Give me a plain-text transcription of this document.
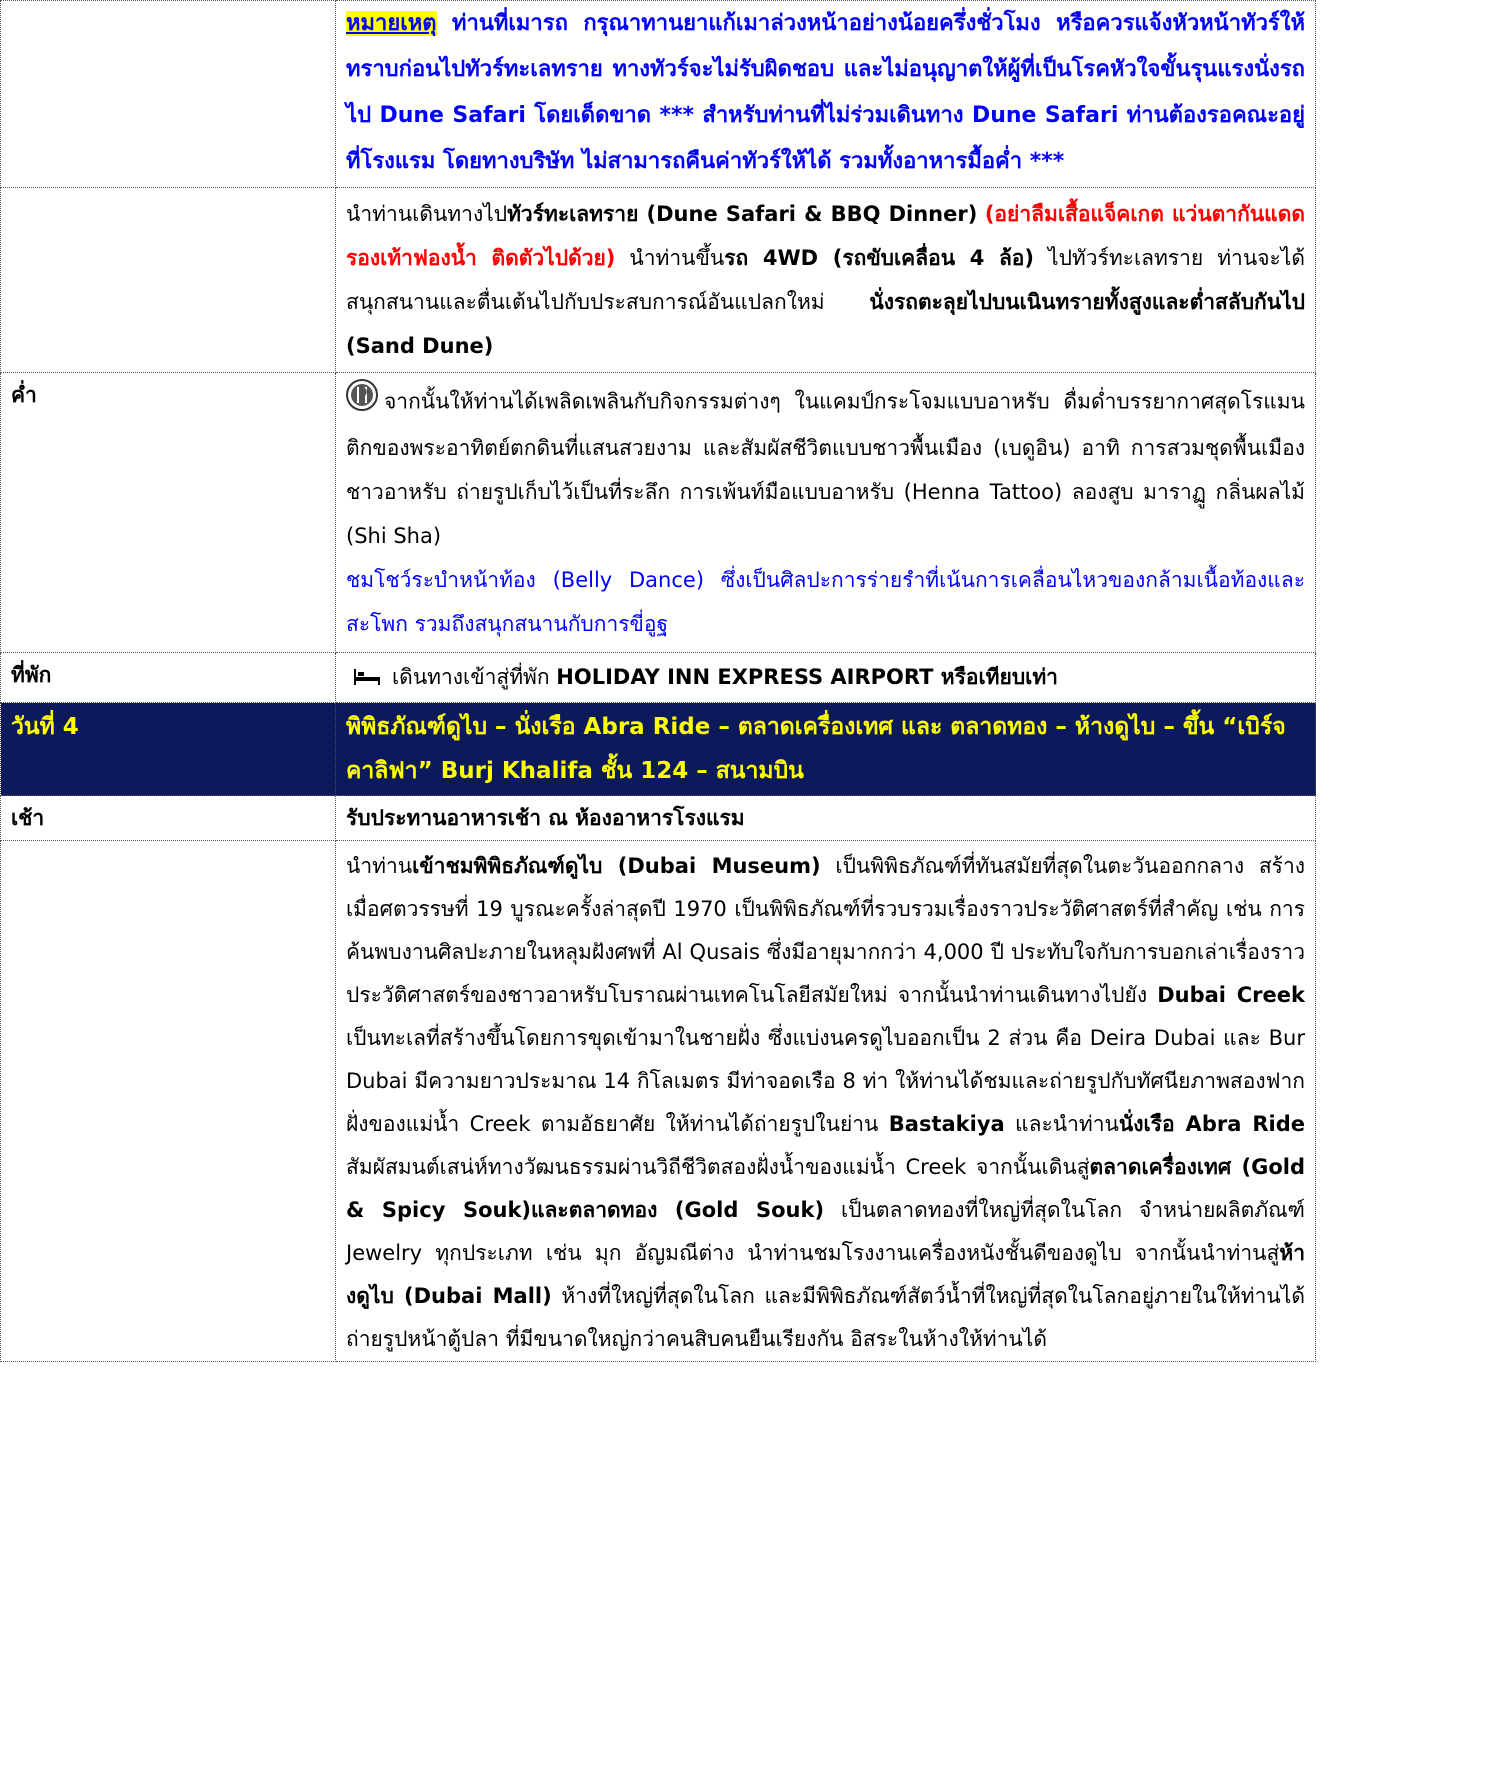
	หมายเหตุ ท่านที่เมารถ กรุณาทานยาแก้เมาล่วงหน้าอย่างน้อยครึ่งชั่วโมง หรือควรแจ้งหัวหน้าทัวร์ให้ทราบก่อนไปทัวร์ทะเลทราย ทางทัวร์จะไม่รับผิดชอบ และไม่อนุญาตให้ผู้ที่เป็นโรคหัวใจขั้นรุนแรงนั่งรถไป Dune Safari โดยเด็ดขาด *** สำหรับท่านที่ไม่ร่วมเดินทาง Dune Safari ท่านต้องรอคณะอยู่ที่โรงแรม โดยทางบริษัท ไม่สามารถคืนค่าทัวร์ให้ได้ รวมทั้งอาหารมื้อค่ำ ***
	นำท่านเดินทางไปทัวร์ทะเลทราย (Dune Safari & BBQ Dinner) (อย่าลืมเสื้อแจ็คเกต แว่นตากันแดด รองเท้าฟองน้ำ ติดตัวไปด้วย) นำท่านขึ้นรถ 4WD (รถขับเคลื่อน 4 ล้อ) ไปทัวร์ทะเลทราย ท่านจะได้สนุกสนานและตื่นเต้นไปกับประสบการณ์อันแปลกใหม่ นั่งรถตะลุยไปบนเนินทรายทั้งสูงและต่ำสลับกันไป (Sand Dune)
ค่ำ	จากนั้นให้ท่านได้เพลิดเพลินกับกิจกรรมต่างๆ ในแคมป์กระโจมแบบอาหรับ ดื่มด่ำบรรยากาศสุดโรแมนติกของพระอาทิตย์ตกดินที่แสนสวยงาม และสัมผัสชีวิตแบบชาวพื้นเมือง (เบดูอิน) อาทิ การสวมชุดพื้นเมืองชาวอาหรับ ถ่ายรูปเก็บไว้เป็นที่ระลึก การเพ้นท์มือแบบอาหรับ (Henna Tattoo) ลองสูบ มาราฏู กลิ่นผลไม้ (Shi Sha)
ชมโชว์ระบำหน้าท้อง (Belly Dance) ซึ่งเป็นศิลปะการร่ายรำที่เน้นการเคลื่อนไหวของกล้ามเนื้อท้องและสะโพก รวมถึงสนุกสนานกับการขี่อูฐ
ที่พัก	เดินทางเข้าสู่ที่พัก HOLIDAY INN EXPRESS AIRPORT หรือเทียบเท่า
วันที่ 4	พิพิธภัณฑ์ดูไบ – นั่งเรือ Abra Ride – ตลาดเครื่องเทศ และ ตลาดทอง – ห้างดูไบ – ขึ้น “เบิร์จคาลิฟา” Burj Khalifa ชั้น 124 – สนามบิน
เช้า	รับประทานอาหารเช้า ณ ห้องอาหารโรงแรม
	นำท่านเข้าชมพิพิธภัณฑ์ดูไบ (Dubai Museum) เป็นพิพิธภัณฑ์ที่ทันสมัยที่สุดในตะวันออกกลาง สร้างเมื่อศตวรรษที่ 19 บูรณะครั้งล่าสุดปี 1970 เป็นพิพิธภัณฑ์ที่รวบรวมเรื่องราวประวัติศาสตร์ที่สำคัญ เช่น การค้นพบงานศิลปะภายในหลุมฝังศพที่ Al Qusais ซึ่งมีอายุมากกว่า 4,000 ปี ประทับใจกับการบอกเล่าเรื่องราวประวัติศาสตร์ของชาวอาหรับโบราณผ่านเทคโนโลยีสมัยใหม่ จากนั้นนำท่านเดินทางไปยัง Dubai Creek เป็นทะเลที่สร้างขึ้นโดยการขุดเข้ามาในชายฝั่ง ซึ่งแบ่งนครดูไบออกเป็น 2 ส่วน คือ Deira Dubai และ Bur Dubai มีความยาวประมาณ 14 กิโลเมตร มีท่าจอดเรือ 8 ท่า ให้ท่านได้ชมและถ่ายรูปกับทัศนียภาพสองฟากฝั่งของแม่น้ำ Creek ตามอัธยาศัย ให้ท่านได้ถ่ายรูปในย่าน Bastakiya และนำท่านนั่งเรือ Abra Ride สัมผัสมนต์เสน่ห์ทางวัฒนธรรมผ่านวิถีชีวิตสองฝั่งน้ำของแม่น้ำ Creek จากนั้นเดินสู่ตลาดเครื่องเทศ (Gold & Spicy Souk)และตลาดทอง (Gold Souk) เป็นตลาดทองที่ใหญ่ที่สุดในโลก จำหน่ายผลิตภัณฑ์ Jewelry ทุกประเภท เช่น มุก อัญมณีต่าง นำท่านชมโรงงานเครื่องหนังชั้นดีของดูไบ จากนั้นนำท่านสู่ห้างดูไบ (Dubai Mall) ห้างที่ใหญ่ที่สุดในโลก และมีพิพิธภัณฑ์สัตว์น้ำที่ใหญ่ที่สุดในโลกอยู่ภายในให้ท่านได้ถ่ายรูปหน้าตู้ปลา ที่มีขนาดใหญ่กว่าคนสิบคนยืนเรียงกัน อิสระในห้างให้ท่านได้
